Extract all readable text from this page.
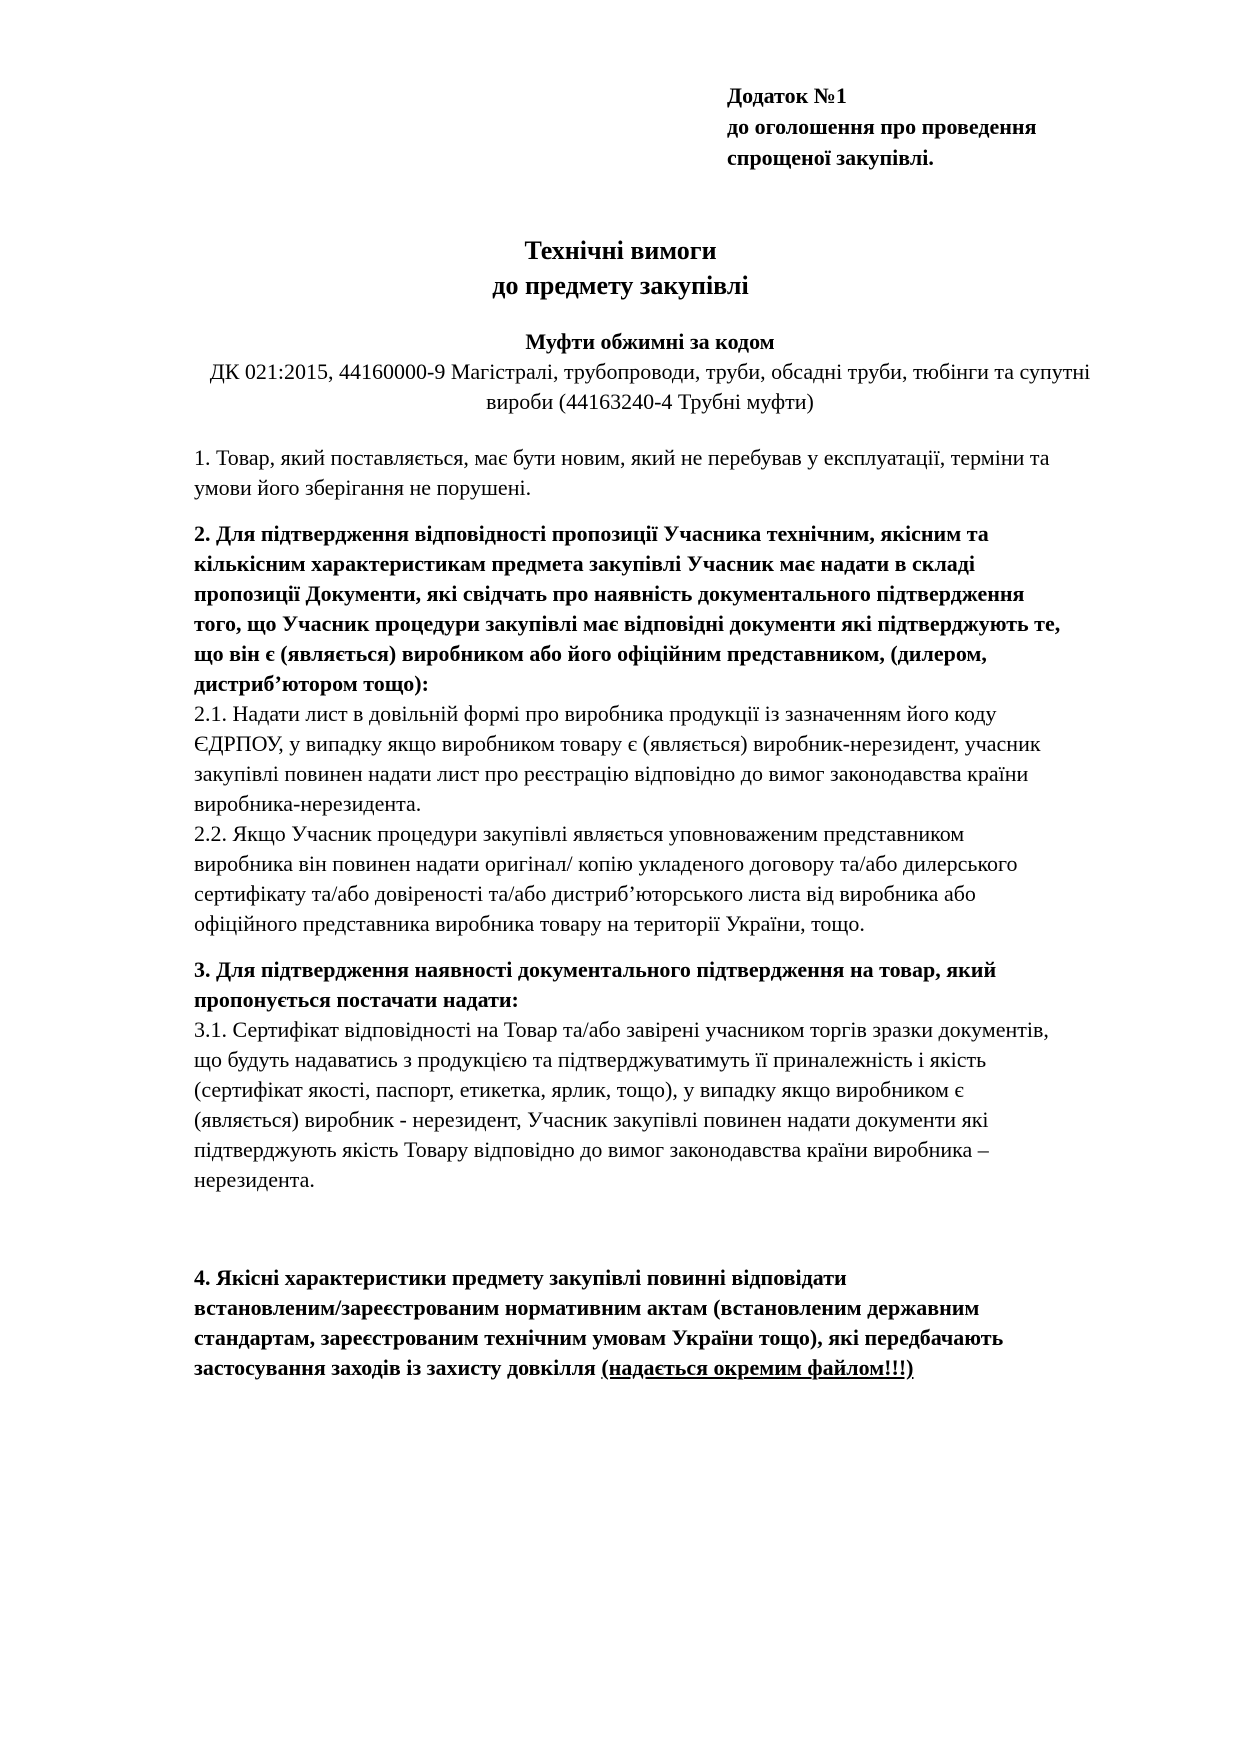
Додаток №1
до оголошення про проведення
спрощеної закупівлі.
Технічні вимоги
до предмету закупівлі
Муфти обжимні за кодом
ДК 021:2015, 44160000-9 Магістралі, трубопроводи, труби, обсадні труби, тюбінги та супутні
вироби (44163240-4 Трубні муфти)

1. Товар, який поставляється, має бути новим, який не перебував у експлуатації, терміни та

умови його зберігання не порушені.

2. Для підтвердження відповідності пропозиції Учасника технічним, якісним та

кількісним характеристикам предмета закупівлі Учасник має надати в складі

пропозиції Документи, які свідчать про наявність документального підтвердження

того, що Учасник процедури закупівлі має відповідні документи які підтверджують те,

що він є (являється) виробником або його офіційним представником, (дилером,

дистриб’ютором тощо):

2.1. Надати лист в довільній формі про виробника продукції із зазначенням його коду

ЄДРПОУ, у випадку якщо виробником товару є (являється) виробник-нерезидент, учасник

закупівлі повинен надати лист про реєстрацію відповідно до вимог законодавства країни

виробника-нерезидента.

2.2. Якщо Учасник процедури закупівлі являється уповноваженим представником

виробника він повинен надати оригінал/ копію укладеного договору та/або дилерського

сертифікату та/або довіреності та/або дистриб’юторського листа від виробника або

офіційного представника виробника товару на території України, тощо.

3. Для підтвердження наявності документального підтвердження на товар, який

пропонується постачати надати:

3.1. Сертифікат відповідності на Товар та/або завірені учасником торгів зразки документів,

що будуть надаватись з продукцією та підтверджуватимуть її приналежність і якість

(сертифікат якості, паспорт, етикетка, ярлик, тощо), у випадку якщо виробником є

(являється) виробник - нерезидент, Учасник закупівлі повинен надати документи які

підтверджують якість Товару відповідно до вимог законодавства країни виробника –

нерезидента.

4. Якісні характеристики предмету закупівлі повинні відповідати

встановленим/зареєстрованим нормативним актам (встановленим державним

стандартам, зареєстрованим технічним умовам України тощо), які передбачають

застосування заходів із захисту довкілля (надається окремим файлом!!!)
